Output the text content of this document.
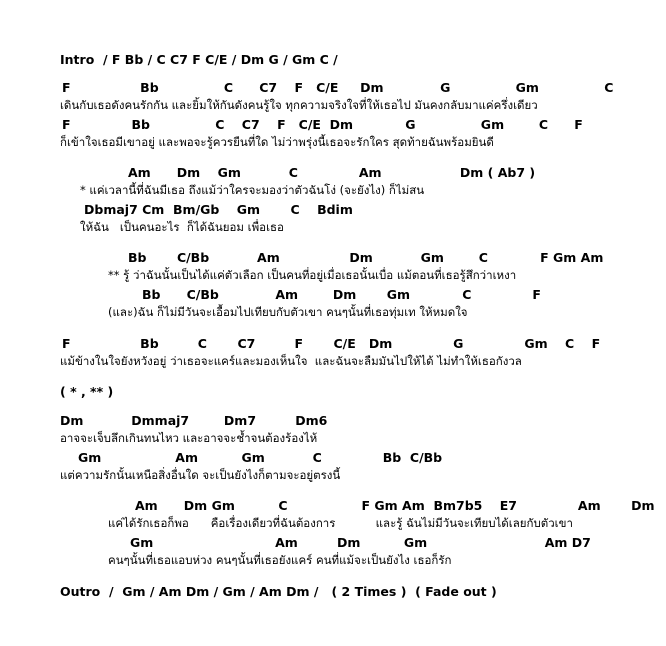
Intro  / F Bb / C C7 F C/E / Dm G / Gm C /
F                Bb               C      C7    F   C/E     Dm             G               Gm               C
เดินกับเธอดังคนรักกัน และยิ้มให้กันดังคนรู้ใจ ทุกความจริงใจที่ให้เธอไป มันคงกลับมาแค่ครึ่งเดียว
F              Bb               C    C7    F   C/E  Dm            G               Gm        C      F
ก็เข้าใจเธอมีเขาอยู่ และพอจะรู้ควรยืนที่ใด ไม่ว่าพรุ่งนี้เธอจะรักใคร สุดท้ายฉันพร้อมยินดี
Am      Dm    Gm           C              Am                  Dm ( Ab7 )
* แค่เวลานี้ที่ฉันมีเธอ ถึงแม้ว่าใครจะมองว่าตัวฉันโง่ (จะยังไง) ก็ไม่สน
Dbmaj7 Cm  Bm/Gb    Gm       C    Bdim
ให้ฉัน   เป็นคนอะไร  ก็ได้ฉันยอม เพื่อเธอ
Bb       C/Bb           Am                Dm           Gm        C            F Gm Am
** รู้ ว่าฉันนั้นเป็นได้แค่ตัวเลือก เป็นคนที่อยู่เมื่อเธอนั้นเบื่อ แม้ตอนที่เธอรู้สึกว่าเหงา
Bb      C/Bb             Am        Dm       Gm            C              F
(และ)ฉัน ก็ไม่มีวันจะเอื้อมไปเทียบกับตัวเขา คนๆนั้นที่เธอทุ่มเท ให้หมดใจ
F                Bb         C       C7         F       C/E   Dm              G              Gm    C    F
แม้ข้างในใจยังหวังอยู่ ว่าเธอจะแคร์และมองเห็นใจ  และฉันจะลืมมันไปให้ได้ ไม่ทำให้เธอกังวล
( * , ** )
Dm           Dmmaj7        Dm7         Dm6
อาจจะเจ็บลึกเกินทนไหว และอาจจะช้ำจนต้องร้องไห้
Gm                 Am          Gm           C              Bb  C/Bb
แต่ความรักนั้นเหนือสิ่งอื่นใด จะเป็นยังไงก็ตามจะอยู่ตรงนี้
Am      Dm Gm          C                 F Gm Am  Bm7b5    E7              Am       Dm
แค่ได้รักเธอก็พอ      คือเรื่องเดียวที่ฉันต้องการ           และรู้ ฉันไม่มีวันจะเทียบได้เลยกับตัวเขา
Gm                            Am         Dm          Gm                           Am D7
คนๆนั้นที่เธอแอบห่วง คนๆนั้นที่เธอยังแคร์ คนที่แม้จะเป็นยังไง เธอก็รัก
Outro  /  Gm / Am Dm / Gm / Am Dm /   ( 2 Times )  ( Fade out )
